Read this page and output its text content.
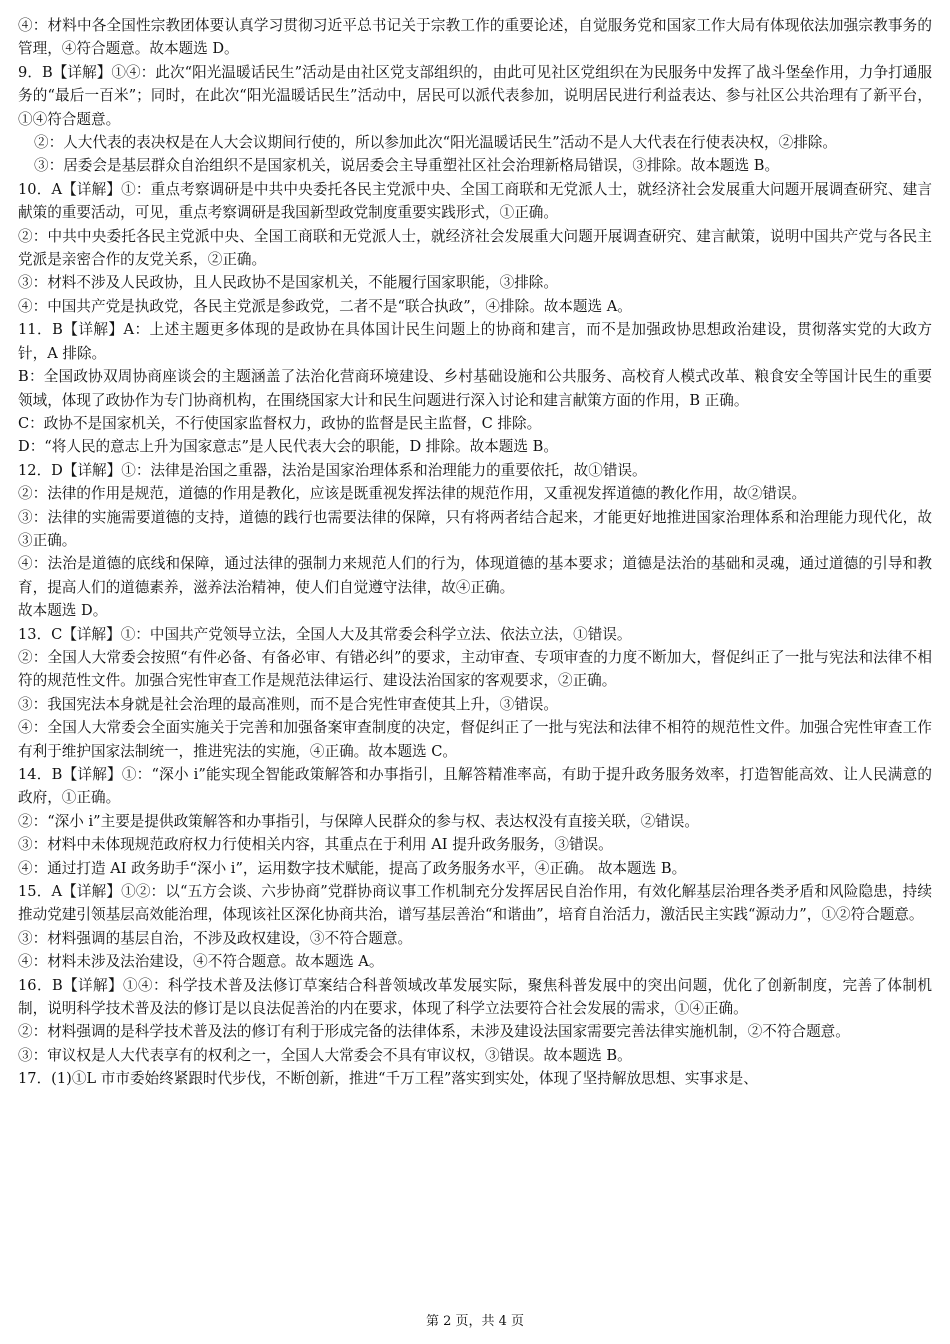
④：材料中各全国性宗教团体要认真学习贯彻习近平总书记关于宗教工作的重要论述，自觉服务党和国家工作大局有体现依法加强宗教事务的管理，④符合题意。故本题选 D。

9．B【详解】①④：此次“阳光温暖话民生”活动是由社区党支部组织的，由此可见社区党组织在为民服务中发挥了战斗堡垒作用，力争打通服务的“最后一百米”；同时，在此次“阳光温暖话民生”活动中，居民可以派代表参加，说明居民进行利益表达、参与社区公共治理有了新平台，①④符合题意。

②：人大代表的表决权是在人大会议期间行使的，所以参加此次“阳光温暖话民生”活动不是人大代表在行使表决权，②排除。

③：居委会是基层群众自治组织不是国家机关，说居委会主导重塑社区社会治理新格局错误，③排除。故本题选 B。

10．A【详解】①：重点考察调研是中共中央委托各民主党派中央、全国工商联和无党派人士，就经济社会发展重大问题开展调查研究、建言献策的重要活动，可见，重点考察调研是我国新型政党制度重要实践形式，①正确。

②：中共中央委托各民主党派中央、全国工商联和无党派人士，就经济社会发展重大问题开展调查研究、建言献策，说明中国共产党与各民主党派是亲密合作的友党关系，②正确。

③：材料不涉及人民政协，且人民政协不是国家机关，不能履行国家职能，③排除。

④：中国共产党是执政党，各民主党派是参政党，二者不是“联合执政”，④排除。故本题选 A。

11．B【详解】A：上述主题更多体现的是政协在具体国计民生问题上的协商和建言，而不是加强政协思想政治建设，贯彻落实党的大政方针，A 排除。

B：全国政协双周协商座谈会的主题涵盖了法治化营商环境建设、乡村基础设施和公共服务、高校育人模式改革、粮食安全等国计民生的重要领域，体现了政协作为专门协商机构，在围绕国家大计和民生问题进行深入讨论和建言献策方面的作用，B 正确。

C：政协不是国家机关，不行使国家监督权力，政协的监督是民主监督，C 排除。

D：“将人民的意志上升为国家意志”是人民代表大会的职能，D 排除。故本题选 B。

12．D【详解】①：法律是治国之重器，法治是国家治理体系和治理能力的重要依托，故①错误。

②：法律的作用是规范，道德的作用是教化，应该是既重视发挥法律的规范作用，又重视发挥道德的教化作用，故②错误。

③：法律的实施需要道德的支持，道德的践行也需要法律的保障，只有将两者结合起来，才能更好地推进国家治理体系和治理能力现代化，故③正确。

④：法治是道德的底线和保障，通过法律的强制力来规范人们的行为，体现道德的基本要求；道德是法治的基础和灵魂，通过道德的引导和教育，提高人们的道德素养，滋养法治精神，使人们自觉遵守法律，故④正确。

故本题选 D。

13．C【详解】①：中国共产党领导立法，全国人大及其常委会科学立法、依法立法，①错误。

②：全国人大常委会按照“有件必备、有备必审、有错必纠”的要求，主动审查、专项审查的力度不断加大，督促纠正了一批与宪法和法律不相符的规范性文件。加强合宪性审查工作是规范法律运行、建设法治国家的客观要求，②正确。

③：我国宪法本身就是社会治理的最高准则，而不是合宪性审查使其上升，③错误。

④：全国人大常委会全面实施关于完善和加强备案审查制度的决定，督促纠正了一批与宪法和法律不相符的规范性文件。加强合宪性审查工作有利于维护国家法制统一，推进宪法的实施，④正确。故本题选 C。

14．B【详解】①：“深小 i”能实现全智能政策解答和办事指引，且解答精准率高，有助于提升政务服务效率，打造智能高效、让人民满意的政府，①正确。

②：“深小 i”主要是提供政策解答和办事指引，与保障人民群众的参与权、表达权没有直接关联，②错误。

③：材料中未体现规范政府权力行使相关内容，其重点在于利用 AI 提升政务服务，③错误。

④：通过打造 AI 政务助手“深小 i”，运用数字技术赋能，提高了政务服务水平，④正确。 故本题选 B。

15．A【详解】①②：以“五方会谈、六步协商”党群协商议事工作机制充分发挥居民自治作用，有效化解基层治理各类矛盾和风险隐患，持续推动党建引领基层高效能治理，体现该社区深化协商共治，谱写基层善治“和谐曲”，培育自治活力，激活民主实践“源动力”，①②符合题意。

③：材料强调的基层自治，不涉及政权建设，③不符合题意。

④：材料未涉及法治建设，④不符合题意。故本题选 A。

16．B【详解】①④：科学技术普及法修订草案结合科普领域改革发展实际，聚焦科普发展中的突出问题，优化了创新制度，完善了体制机制，说明科学技术普及法的修订是以良法促善治的内在要求，体现了科学立法要符合社会发展的需求，①④正确。

②：材料强调的是科学技术普及法的修订有利于形成完备的法律体系，未涉及建设法国家需要完善法律实施机制，②不符合题意。

③：审议权是人大代表享有的权利之一，全国人大常委会不具有审议权，③错误。故本题选 B。

17．(1)①L 市市委始终紧跟时代步伐，不断创新，推进“千万工程”落实到实处，体现了坚持解放思想、实事求是、

第 2 页，共 4 页
